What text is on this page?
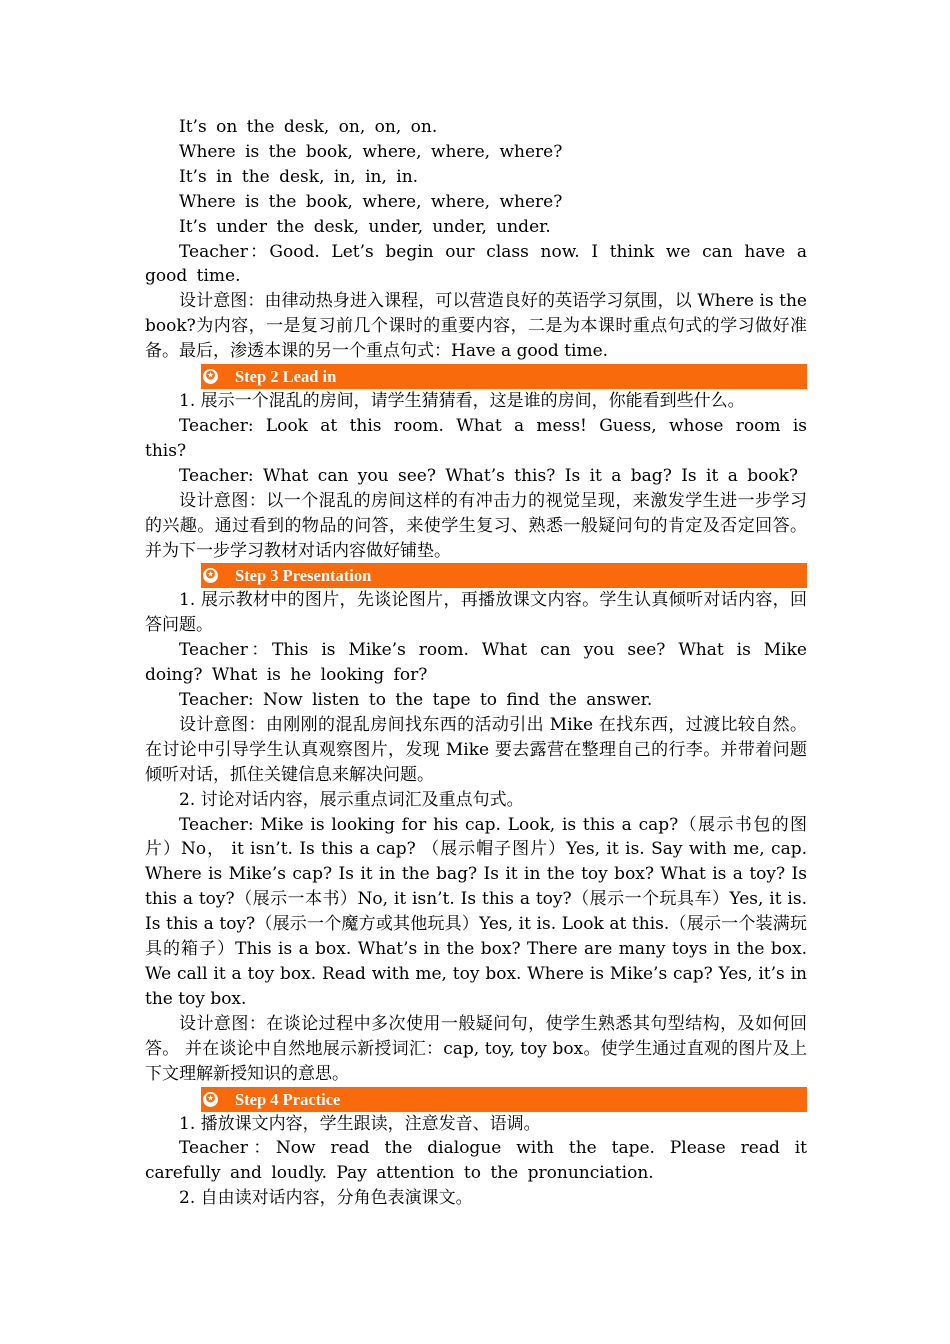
It’s on the desk, on, on, on.

Where is the book, where, where, where?

It’s in the desk, in, in, in.

Where is the book, where, where, where?

It’s under the desk, under, under, under.

Teacher：Good. Let’s begin our class now. I think we can have a good time.

设计意图：由律动热身进入课程，可以营造良好的英语学习氛围，以 Where is the book?为内容，一是复习前几个课时的重要内容，二是为本课时重点句式的学习做好准备。最后，渗透本课的另一个重点句式：Have a good time.

✪ Step 2 Lead in

1. 展示一个混乱的房间，请学生猜猜看，这是谁的房间，你能看到些什么。

Teacher: Look at this room. What a mess! Guess, whose room is this?

Teacher: What can you see? What’s this? Is it a bag? Is it a book?

设计意图：以一个混乱的房间这样的有冲击力的视觉呈现，来激发学生进一步学习的兴趣。通过看到的物品的问答，来使学生复习、熟悉一般疑问句的肯定及否定回答。并为下一步学习教材对话内容做好铺垫。

✪ Step 3 Presentation

1. 展示教材中的图片，先谈论图片，再播放课文内容。学生认真倾听对话内容，回答问题。

Teacher：This is Mike’s room. What can you see? What is Mike doing? What is he looking for?

Teacher: Now listen to the tape to find the answer.

设计意图：由刚刚的混乱房间找东西的活动引出 Mike 在找东西，过渡比较自然。在讨论中引导学生认真观察图片，发现 Mike 要去露营在整理自己的行李。并带着问题倾听对话，抓住关键信息来解决问题。

2. 讨论对话内容，展示重点词汇及重点句式。

Teacher: Mike is looking for his cap. Look, is this a cap?（展示书包的图片）No， it isn’t. Is this a cap? （展示帽子图片）Yes, it is. Say with me, cap. Where is Mike’s cap? Is it in the bag? Is it in the toy box? What is a toy? Is this a toy?（展示一本书）No, it isn’t. Is this a toy?（展示一个玩具车）Yes, it is. Is this a toy?（展示一个魔方或其他玩具）Yes, it is. Look at this.（展示一个装满玩具的箱子）This is a box. What’s in the box? There are many toys in the box. We call it a toy box. Read with me, toy box. Where is Mike’s cap? Yes, it’s in the toy box.

设计意图：在谈论过程中多次使用一般疑问句，使学生熟悉其句型结构，及如何回答。 并在谈论中自然地展示新授词汇：cap, toy, toy box。使学生通过直观的图片及上下文理解新授知识的意思。

✪ Step 4 Practice

1. 播放课文内容，学生跟读，注意发音、语调。

Teacher：Now read the dialogue with the tape. Please read it carefully and loudly. Pay attention to the pronunciation.

2. 自由读对话内容，分角色表演课文。
